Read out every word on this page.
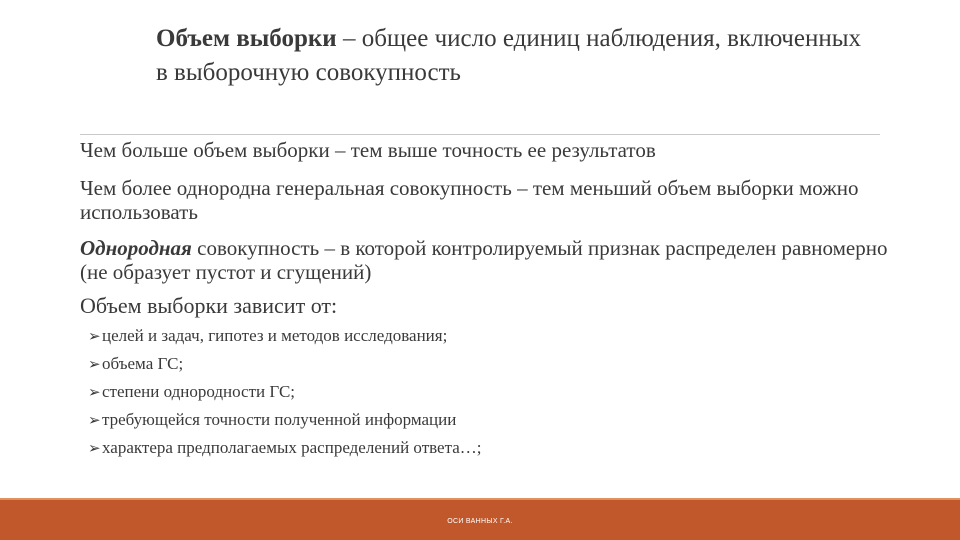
Объем выборки – общее число единиц наблюдения, включенных в выборочную совокупность

Чем больше объем выборки – тем выше точность ее результатов

Чем более однородна генеральная совокупность – тем меньший объем выборки можно использовать

Однородная совокупность – в которой контролируемый признак распределен равномерно (не образует пустот и сгущений)

Объем выборки зависит от:

➢ целей и задач, гипотез и методов исследования;
➢ объема ГС;
➢ степени однородности ГС;
➢ требующейся точности полученной информации
➢ характера предполагаемых распределений ответа…;
ОСИ ВАННЫХ Г.А.
